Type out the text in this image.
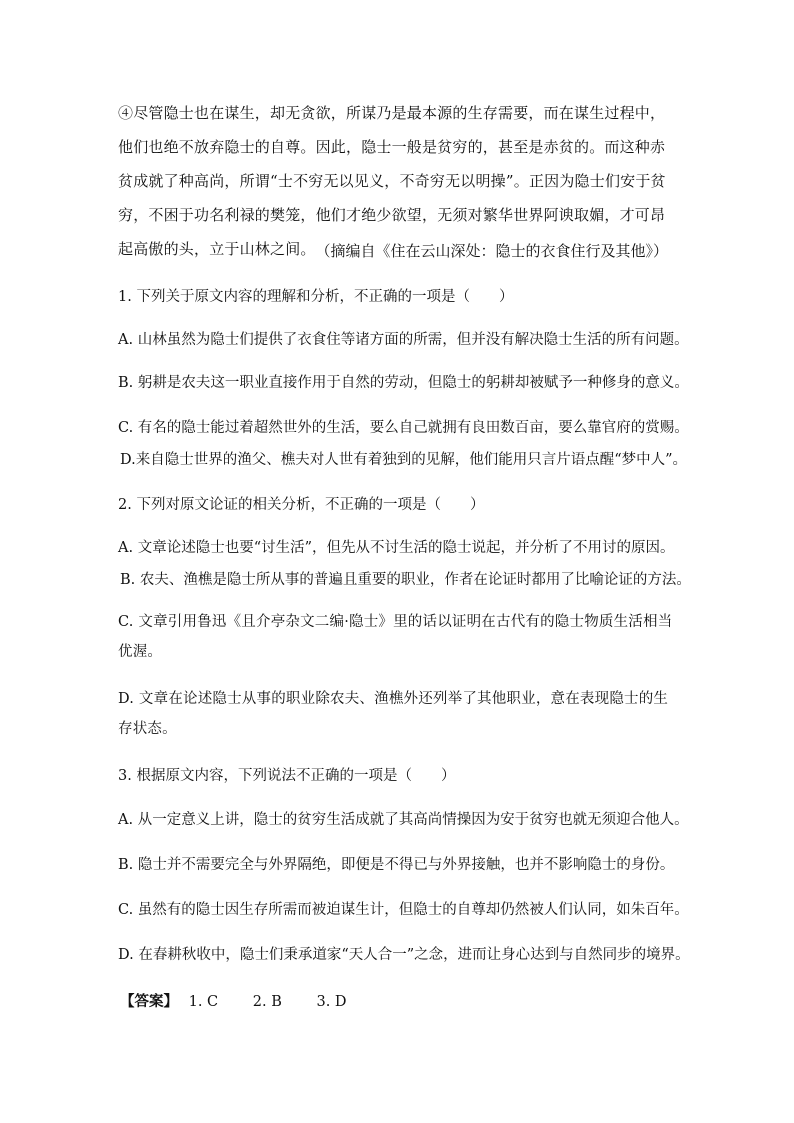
④尽管隐士也在谋生，却无贪欲，所谋乃是最本源的生存需要，而在谋生过程中，他们也绝不放弃隐士的自尊。因此，隐士一般是贫穷的，甚至是赤贫的。而这种赤贫成就了种高尚，所谓“士不穷无以见义，不奇穷无以明操”。正因为隐士们安于贫穷，不困于功名利禄的樊笼，他们才绝少欲望，无须对繁华世界阿谀取媚，才可昂起高傲的头，立于山林之间。 （摘编自《住在云山深处：隐士的衣食住行及其他》）
1. 下列关于原文内容的理解和分析，不正确的一项是（　　）
A. 山林虽然为隐士们提供了衣食住等诸方面的所需，但并没有解决隐士生活的所有问题。
B. 躬耕是农夫这一职业直接作用于自然的劳动，但隐士的躬耕却被赋予一种修身的意义。
C. 有名的隐士能过着超然世外的生活，要么自己就拥有良田数百亩，要么靠官府的赏赐。
D.来自隐士世界的渔父、樵夫对人世有着独到的见解，他们能用只言片语点醒“梦中人”。
2. 下列对原文论证的相关分析，不正确的一项是（　　）
A. 文章论述隐士也要“讨生活”，但先从不讨生活的隐士说起，并分析了不用讨的原因。
B. 农夫、渔樵是隐士所从事的普遍且重要的职业，作者在论证时都用了比喻论证的方法。
C. 文章引用鲁迅《且介亭杂文二编·隐士》里的话以证明在古代有的隐士物质生活相当优渥。
D. 文章在论述隐士从事的职业除农夫、渔樵外还列举了其他职业，意在表现隐士的生存状态。
3. 根据原文内容，下列说法不正确的一项是（　　）
A. 从一定意义上讲，隐士的贫穷生活成就了其高尚情操因为安于贫穷也就无须迎合他人。
B. 隐士并不需要完全与外界隔绝，即便是不得已与外界接触，也并不影响隐士的身份。
C. 虽然有的隐士因生存所需而被迫谋生计，但隐士的自尊却仍然被人们认同，如朱百年。
D. 在春耕秋收中，隐士们秉承道家“天人合一”之念，进而让身心达到与自然同步的境界。
【答案】 1. C 2. B 3. D
